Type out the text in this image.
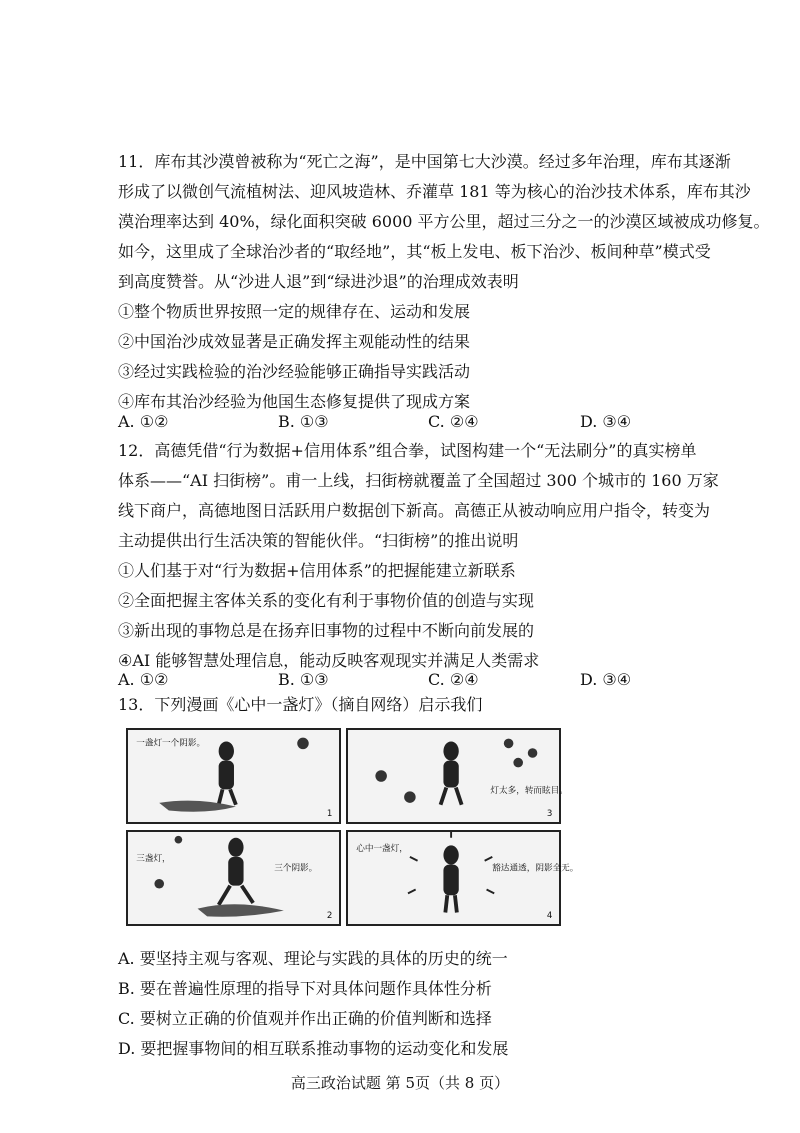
11．库布其沙漠曾被称为“死亡之海”，是中国第七大沙漠。经过多年治理，库布其逐渐

形成了以微创气流植树法、迎风坡造林、乔灌草 181 等为核心的治沙技术体系，库布其沙

漠治理率达到 40%，绿化面积突破 6000 平方公里，超过三分之一的沙漠区域被成功修复。

如今，这里成了全球治沙者的“取经地”，其“板上发电、板下治沙、板间种草”模式受

到高度赞誉。从“沙进人退”到“绿进沙退”的治理成效表明

①整个物质世界按照一定的规律存在、运动和发展

②中国治沙成效显著是正确发挥主观能动性的结果

③经过实践检验的治沙经验能够正确指导实践活动

④库布其治沙经验为他国生态修复提供了现成方案

A. ①②	B. ①③	C. ②④	D. ③④

12．高德凭借“行为数据+信用体系”组合拳，试图构建一个“无法刷分”的真实榜单

体系——“AI 扫街榜”。甫一上线，扫街榜就覆盖了全国超过 300 个城市的 160 万家

线下商户，高德地图日活跃用户数据创下新高。高德正从被动响应用户指令，转变为

主动提供出行生活决策的智能伙伴。“扫街榜”的推出说明

①人们基于对“行为数据+信用体系”的把握能建立新联系

②全面把握主客体关系的变化有利于事物价值的创造与实现

③新出现的事物总是在扬弃旧事物的过程中不断向前发展的

④AI 能够智慧处理信息，能动反映客观现实并满足人类需求

A. ①②	B. ①③	C. ②④	D. ③④

13．下列漫画《心中一盏灯》（摘自网络）启示我们

一盏灯一个阴影。
1
灯太多，转而眩目。
3
三盏灯，
三个阴影。
2
心中一盏灯，
豁达通透，阴影全无。
4

A. 要坚持主观与客观、理论与实践的具体的历史的统一

B. 要在普遍性原理的指导下对具体问题作具体性分析

C. 要树立正确的价值观并作出正确的价值判断和选择

D. 要把握事物间的相互联系推动事物的运动变化和发展

高三政治试题 第 5页（共 8 页）
